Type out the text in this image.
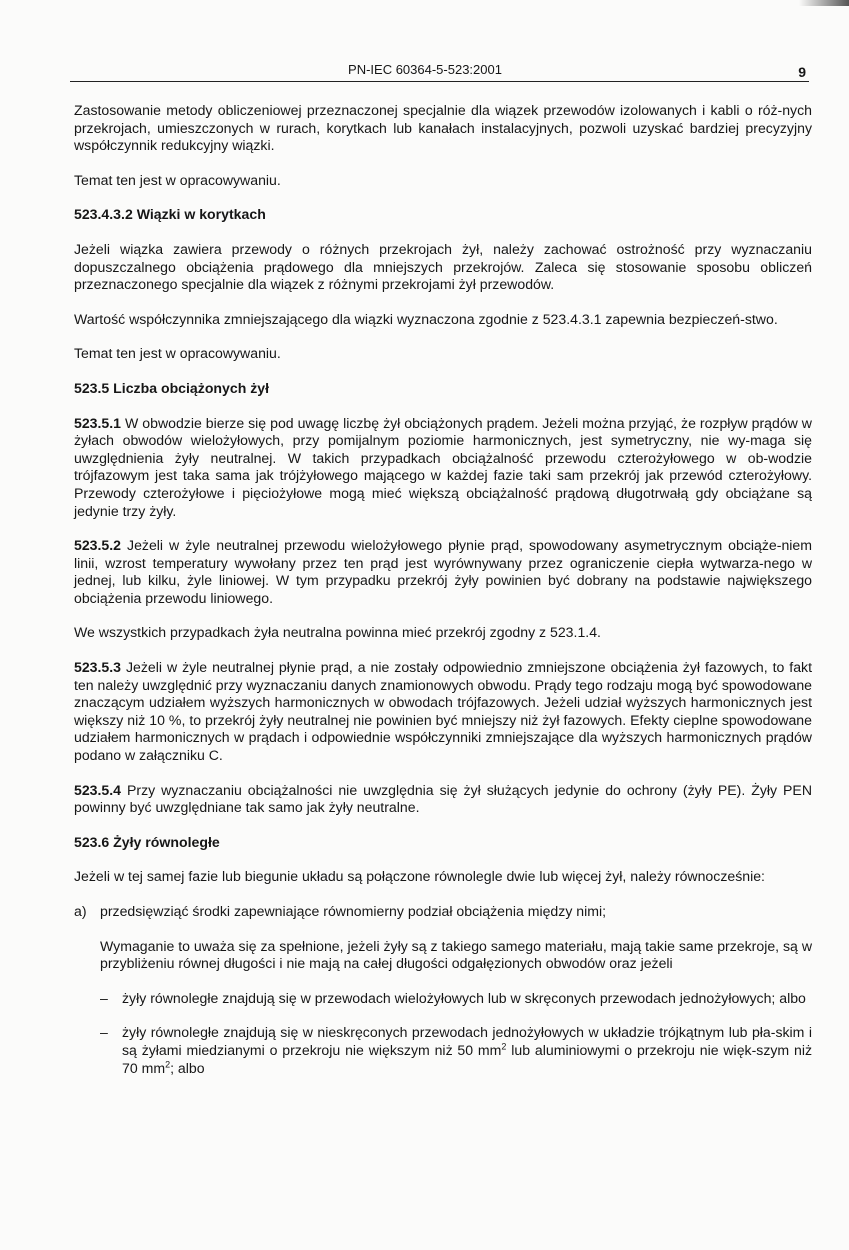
PN-IEC 60364-5-523:2001	9

Zastosowanie metody obliczeniowej przeznaczonej specjalnie dla wiązek przewodów izolowanych i kabli o róż-nych przekrojach, umieszczonych w rurach, korytkach lub kanałach instalacyjnych, pozwoli uzyskać bardziej precyzyjny współczynnik redukcyjny wiązki.

Temat ten jest w opracowywaniu.

523.4.3.2 Wiązki w korytkach

Jeżeli wiązka zawiera przewody o różnych przekrojach żył, należy zachować ostrożność przy wyznaczaniu dopuszczalnego obciążenia prądowego dla mniejszych przekrojów. Zaleca się stosowanie sposobu obliczeń przeznaczonego specjalnie dla wiązek z różnymi przekrojami żył przewodów.

Wartość współczynnika zmniejszającego dla wiązki wyznaczona zgodnie z 523.4.3.1 zapewnia bezpieczeń-stwo.

Temat ten jest w opracowywaniu.

523.5 Liczba obciążonych żył

523.5.1 W obwodzie bierze się pod uwagę liczbę żył obciążonych prądem. Jeżeli można przyjąć, że rozpływ prądów w żyłach obwodów wielożyłowych, przy pomijalnym poziomie harmonicznych, jest symetryczny, nie wy-maga się uwzględnienia żyły neutralnej. W takich przypadkach obciążalność przewodu czterożyłowego w ob-wodzie trójfazowym jest taka sama jak trójżyłowego mającego w każdej fazie taki sam przekrój jak przewód czterożyłowy. Przewody czterożyłowe i pięciożyłowe mogą mieć większą obciążalność prądową długotrwałą gdy obciążane są jedynie trzy żyły.

523.5.2 Jeżeli w żyle neutralnej przewodu wielożyłowego płynie prąd, spowodowany asymetrycznym obciąże-niem linii, wzrost temperatury wywołany przez ten prąd jest wyrównywany przez ograniczenie ciepła wytwarza-nego w jednej, lub kilku, żyle liniowej. W tym przypadku przekrój żyły powinien być dobrany na podstawie największego obciążenia przewodu liniowego.

We wszystkich przypadkach żyła neutralna powinna mieć przekrój zgodny z 523.1.4.

523.5.3 Jeżeli w żyle neutralnej płynie prąd, a nie zostały odpowiednio zmniejszone obciążenia żył fazowych, to fakt ten należy uwzględnić przy wyznaczaniu danych znamionowych obwodu. Prądy tego rodzaju mogą być spowodowane znaczącym udziałem wyższych harmonicznych w obwodach trójfazowych. Jeżeli udział wyższych harmonicznych jest większy niż 10 %, to przekrój żyły neutralnej nie powinien być mniejszy niż żył fazowych. Efekty cieplne spowodowane udziałem harmonicznych w prądach i odpowiednie współczynniki zmniejszające dla wyższych harmonicznych prądów podano w załączniku C.

523.5.4 Przy wyznaczaniu obciążalności nie uwzględnia się żył służących jedynie do ochrony (żyły PE). Żyły PEN powinny być uwzględniane tak samo jak żyły neutralne.

523.6 Żyły równoległe

Jeżeli w tej samej fazie lub biegunie układu są połączone równolegle dwie lub więcej żył, należy równocześnie:

a) przedsięwziąć środki zapewniające równomierny podział obciążenia między nimi;

Wymaganie to uważa się za spełnione, jeżeli żyły są z takiego samego materiału, mają takie same przekroje, są w przybliżeniu równej długości i nie mają na całej długości odgałęzionych obwodów oraz jeżeli

–	żyły równoległe znajdują się w przewodach wielożyłowych lub w skręconych przewodach jednożyłowych; albo
–	żyły równoległe znajdują się w nieskręconych przewodach jednożyłowych w układzie trójkątnym lub pła-skim i są żyłami miedzianymi o przekroju nie większym niż 50 $mm^2$ lub aluminiowymi o przekroju nie więk-szym niż 70 $mm^2$; albo
